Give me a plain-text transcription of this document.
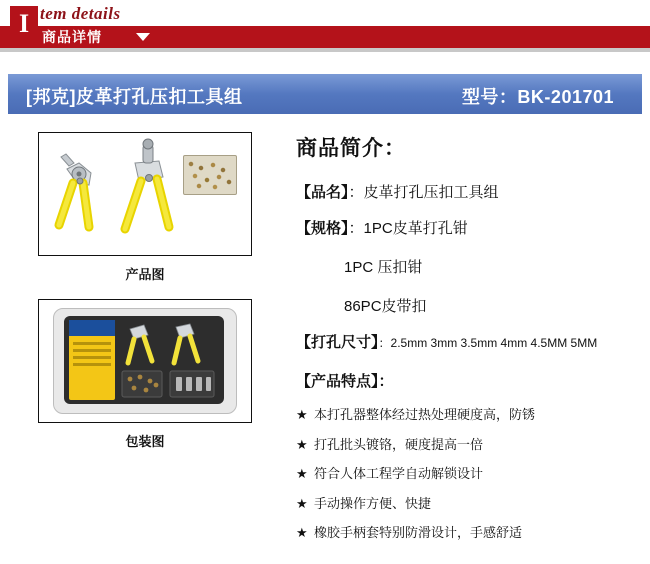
I tem details
商品详情
[邦克]皮革打孔压扣工具组	型号：BK-201701
产品图
包装图
商品简介：
【品名】：皮革打孔压扣工具组
【规格】：1PC皮革打孔钳
1PC 压扣钳
86PC皮带扣
【打孔尺寸】：2.5mm 3mm 3.5mm 4mm 4.5MM 5MM
【产品特点】：
★ 本打孔器整体经过热处理硬度高，防锈
★ 打孔批头镀铬，硬度提高一倍
★ 符合人体工程学自动解锁设计
★ 手动操作方便、快捷
★ 橡胶手柄套特别防滑设计，手感舒适
